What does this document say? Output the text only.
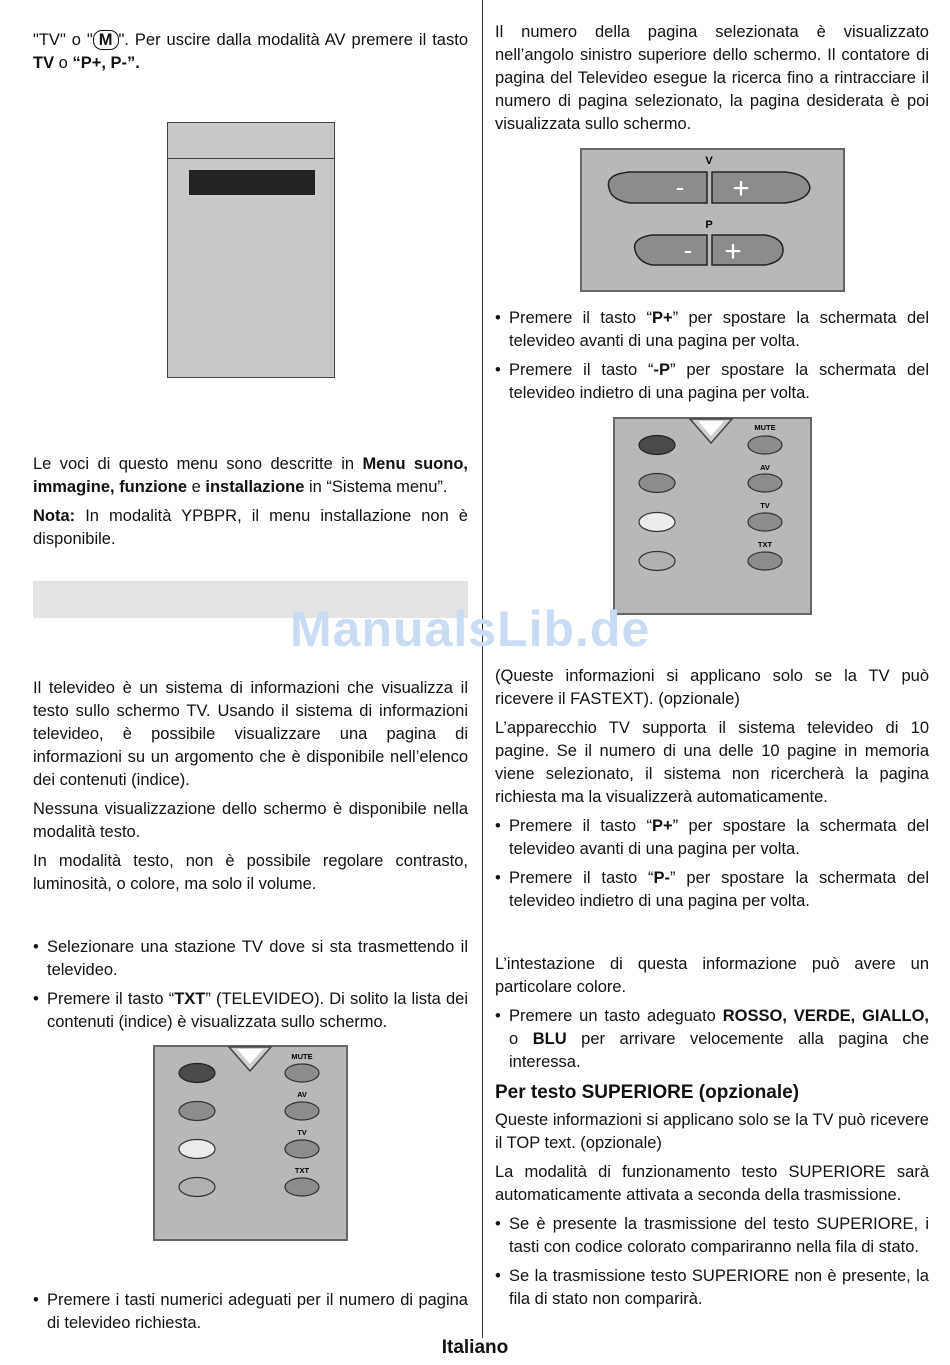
"TV" o " M ". Per uscire dalla modalità AV premere il tasto TV o “P+, P-”.
Le voci di questo menu sono descritte in Menu suono, immagine, funzione e installazione in “Sistema menu”.
Nota: In modalità YPBPR, il menu installazione non è disponibile.
Il televideo è un sistema di informazioni che visualizza il testo sullo schermo TV. Usando il sistema di informazioni televideo, è possibile visualizzare una pagina di informazioni su un argomento che è disponibile nell’elenco dei contenuti (indice).
Nessuna visualizzazione dello schermo è disponibile nella modalità testo.
In modalità testo, non è possibile regolare contrasto, luminosità, o colore, ma solo il volume.
• Selezionare una stazione TV dove si sta trasmettendo il televideo.
• Premere il tasto “TXT” (TELEVIDEO). Di solito la lista dei contenuti (indice) è visualizzata sullo schermo.
MUTE
AV
TV
TXT
• Premere i tasti numerici adeguati per il numero di pagina di televideo richiesta.
Il numero della pagina selezionata è visualizzato nell’angolo sinistro superiore dello schermo. Il contatore di pagina del Televideo esegue la ricerca fino a rintracciare il numero di pagina selezionato, la pagina desiderata è poi visualizzata sullo schermo.
V
- +
P
- +
• Premere il tasto “P+” per spostare la schermata del televideo avanti di una pagina per volta.
• Premere il tasto “-P” per spostare la schermata del televideo indietro di una pagina per volta.
MUTE
AV
TV
TXT
(Queste informazioni si applicano solo se la TV può ricevere il FASTEXT). (opzionale)
L’apparecchio TV supporta il sistema televideo di 10 pagine. Se il numero di una delle 10 pagine in memoria viene selezionato, il sistema non ricercherà la pagina richiesta ma la visualizzerà automaticamente.
• Premere il tasto “P+” per spostare la schermata del televideo avanti di una pagina per volta.
• Premere il tasto “P-” per spostare la schermata del televideo indietro di una pagina per volta.
L’intestazione di questa informazione può avere un particolare colore.
• Premere un tasto adeguato ROSSO, VERDE, GIALLO, o BLU per arrivare velocemente alla pagina che interessa.
Per testo SUPERIORE (opzionale)
Queste informazioni si applicano solo se la TV può ricevere il TOP text. (opzionale)
La modalità di funzionamento testo SUPERIORE sarà automaticamente attivata a seconda della trasmissione.
• Se è presente la trasmissione del testo SUPERIORE, i tasti con codice colorato compariranno nella fila di stato.
• Se la trasmissione testo SUPERIORE non è presente, la fila di stato non comparirà.
ManualsLib.de
Italiano
